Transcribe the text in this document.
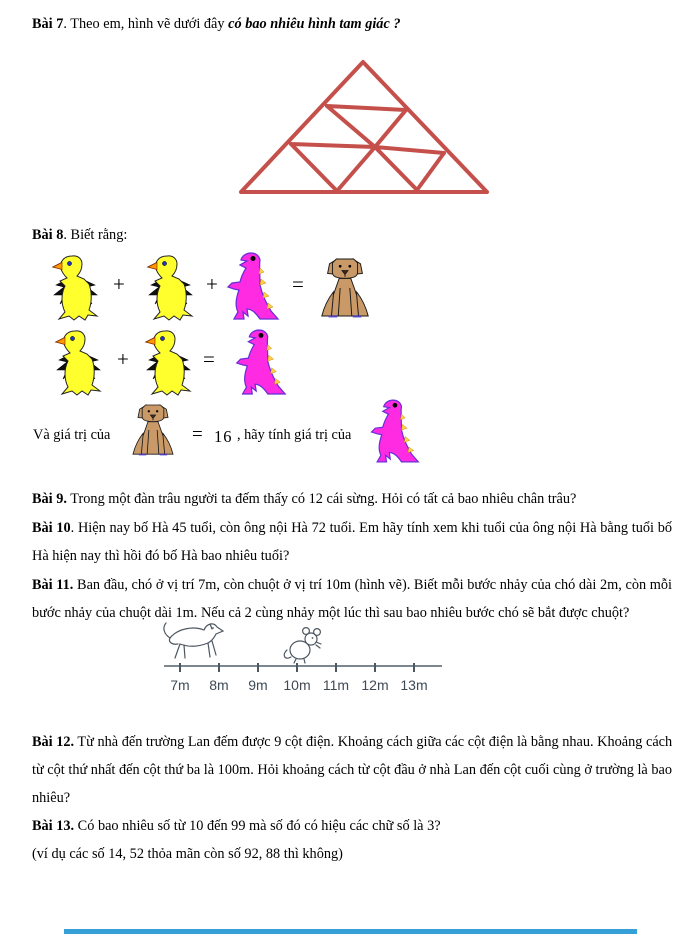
Bài 7. Theo em, hình vẽ dưới đây có bao nhiêu hình tam giác ?
Bài 8. Biết rằng:
+	+	=
+	=
Và giá trị của	= 16 , hãy tính giá trị của
Bài 9. Trong một đàn trâu người ta đếm thấy có 12 cái sừng. Hỏi có tất cả bao nhiêu chân trâu?
Bài 10. Hiện nay bố Hà 45 tuổi, còn ông nội Hà 72 tuổi. Em hãy tính xem khi tuổi của ông nội Hà bằng tuổi bố
Hà hiện nay thì hồi đó bố Hà bao nhiêu tuổi?
Bài 11. Ban đầu, chó ở vị trí 7m, còn chuột ở vị trí 10m (hình vẽ). Biết mỗi bước nhảy của chó dài 2m, còn mỗi
bước nhảy của chuột dài 1m. Nếu cả 2 cùng nhảy một lúc thì sau bao nhiêu bước chó sẽ bắt được chuột?
7m 8m 9m 10m 11m 12m 13m
Bài 12. Từ nhà đến trường Lan đếm được 9 cột điện. Khoảng cách giữa các cột điện là bằng nhau. Khoảng cách
từ cột thứ nhất đến cột thứ ba là 100m. Hỏi khoảng cách từ cột đầu ở nhà Lan đến cột cuối cùng ở trường là bao
nhiêu?
Bài 13. Có bao nhiêu số từ 10 đến 99 mà số đó có hiệu các chữ số là 3?
(ví dụ các số 14, 52 thỏa mãn còn số 92, 88 thì không)
